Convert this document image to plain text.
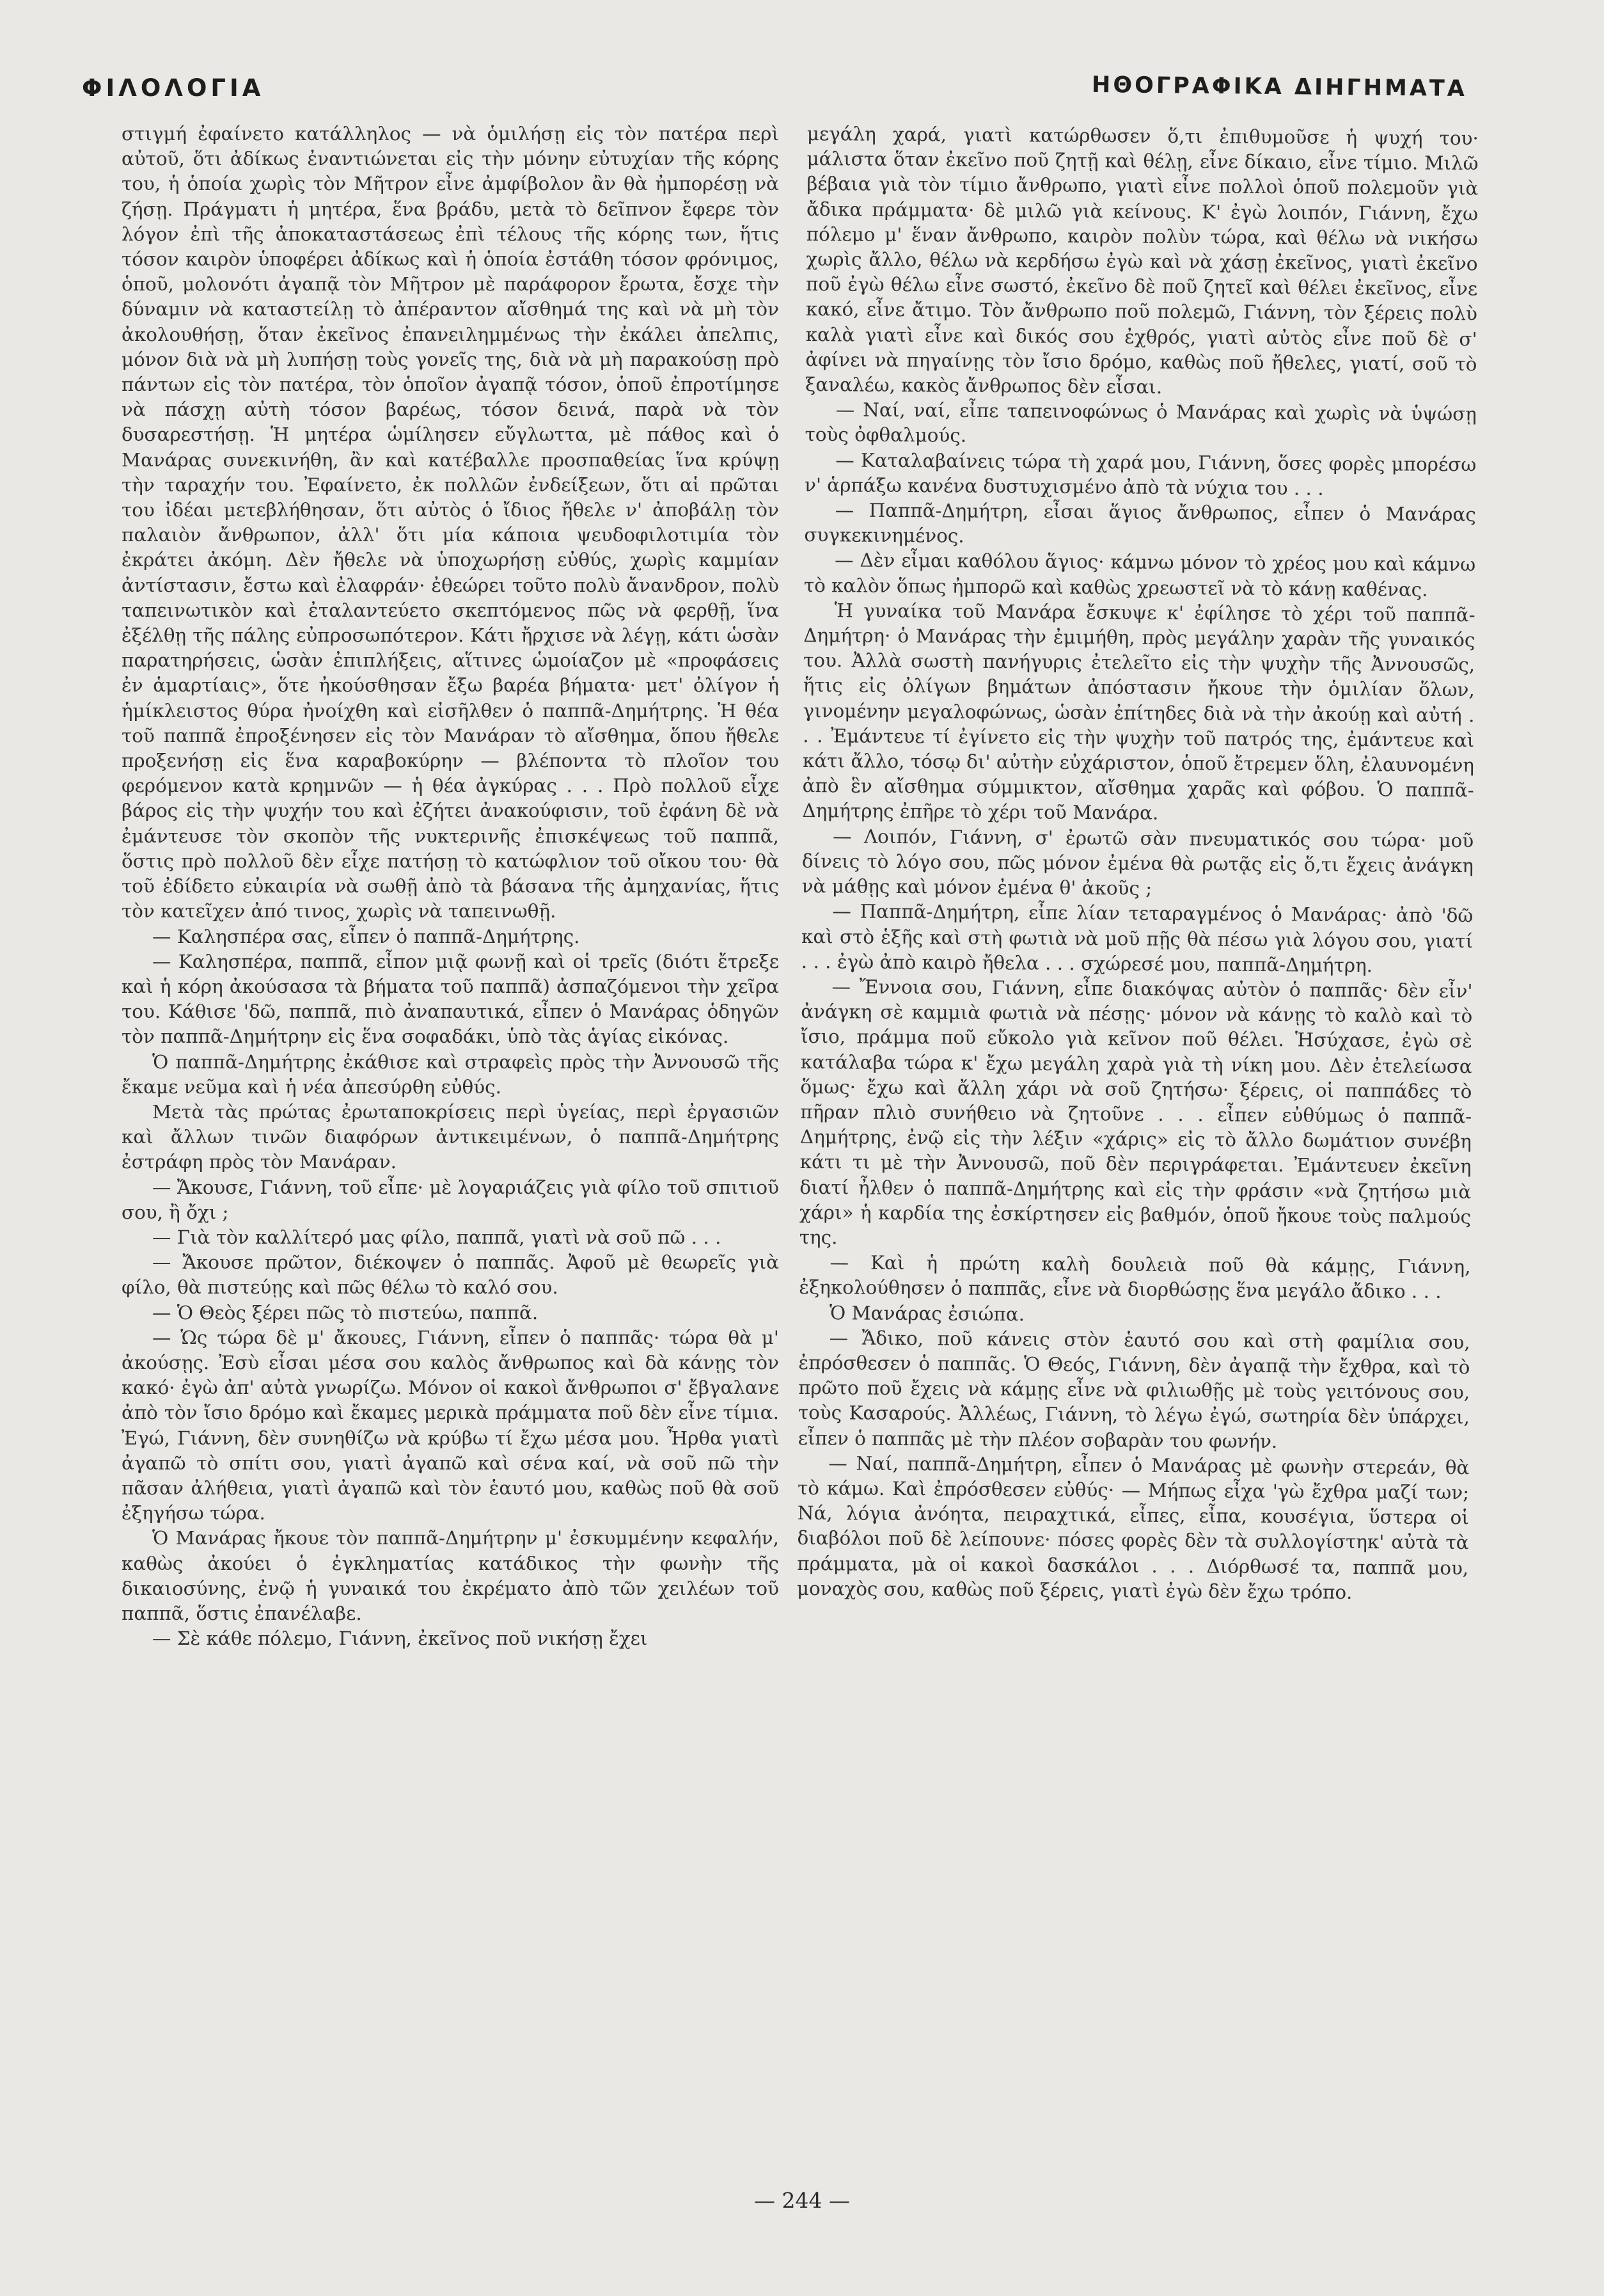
ΦΙΛΟΛΟΓΙΑ	ΗΘΟΓΡΑΦΙΚΑ ΔΙΗΓΗΜΑΤΑ

στιγμή ἐφαίνετο κατάλληλος — νὰ ὁμιλήσῃ εἰς τὸν πατέρα περὶ αὐτοῦ, ὅτι ἀδίκως ἐναντιώνεται εἰς τὴν μόνην εὐτυχίαν τῆς κόρης του, ἡ ὁποία χωρὶς τὸν Μῆτρον εἶνε ἀμφίβολον ἂν θὰ ἠμπορέσῃ νὰ ζήσῃ. Πράγματι ἡ μητέρα, ἕνα βράδυ, μετὰ τὸ δεῖπνον ἔφερε τὸν λόγον ἐπὶ τῆς ἀποκαταστάσεως ἐπὶ τέλους τῆς κόρης των, ἥτις τόσον καιρὸν ὑποφέρει ἀδίκως καὶ ἡ ὁποία ἐστάθη τόσον φρόνιμος, ὁποῦ, μολονότι ἀγαπᾷ τὸν Μῆτρον μὲ παράφορον ἔρωτα, ἔσχε τὴν δύναμιν νὰ καταστείλῃ τὸ ἀπέραντον αἴσθημά της καὶ νὰ μὴ τὸν ἀκολουθήσῃ, ὅταν ἐκεῖνος ἐπανειλημμένως τὴν ἐκάλει ἀπελπις, μόνον διὰ νὰ μὴ λυπήσῃ τοὺς γονεῖς της, διὰ νὰ μὴ παρακούσῃ πρὸ πάντων εἰς τὸν πατέρα, τὸν ὁποῖον ἀγαπᾷ τόσον, ὁποῦ ἐπροτίμησε νὰ πάσχῃ αὐτὴ τόσον βαρέως, τόσον δεινά, παρὰ νὰ τὸν δυσαρεστήσῃ. Ἡ μητέρα ὡμίλησεν εὔγλωττα, μὲ πάθος καὶ ὁ Μανάρας συνεκινήθη, ἂν καὶ κατέβαλλε προσπαθείας ἵνα κρύψῃ τὴν ταραχήν του. Ἐφαίνετο, ἐκ πολλῶν ἐνδείξεων, ὅτι αἱ πρῶται του ἰδέαι μετεβλήθησαν, ὅτι αὐτὸς ὁ ἴδιος ἤθελε ν' ἀποβάλῃ τὸν παλαιὸν ἄνθρωπον, ἀλλ' ὅτι μία κάποια ψευδοφιλοτιμία τὸν ἐκράτει ἀκόμη. Δὲν ἤθελε νὰ ὑποχωρήσῃ εὐθύς, χωρὶς καμμίαν ἀντίστασιν, ἔστω καὶ ἐλαφράν· ἐθεώρει τοῦτο πολὺ ἄνανδρον, πολὺ ταπεινωτικὸν καὶ ἐταλαντεύετο σκεπτόμενος πῶς νὰ φερθῇ, ἵνα ἐξέλθῃ τῆς πάλης εὐπροσωπότερον. Κάτι ἤρχισε νὰ λέγῃ, κάτι ὡσὰν παρατηρήσεις, ὡσὰν ἐπιπλήξεις, αἵτινες ὡμοίαζον μὲ «προφάσεις ἐν ἁμαρτίαις», ὅτε ἠκούσθησαν ἔξω βαρέα βήματα· μετ' ὀλίγον ἡ ἡμίκλειστος θύρα ἠνοίχθη καὶ εἰσῆλθεν ὁ παππᾶ-Δημήτρης. Ἡ θέα τοῦ παππᾶ ἐπροξένησεν εἰς τὸν Μανάραν τὸ αἴσθημα, ὅπου ἤθελε προξενήσῃ εἰς ἕνα καραβοκύρην — βλέποντα τὸ πλοῖον του φερόμενον κατὰ κρημνῶν — ἡ θέα ἀγκύρας . . . Πρὸ πολλοῦ εἶχε βάρος εἰς τὴν ψυχήν του καὶ ἐζήτει ἀνακούφισιν, τοῦ ἐφάνη δὲ νὰ ἐμάντευσε τὸν σκοπὸν τῆς νυκτερινῆς ἐπισκέψεως τοῦ παππᾶ, ὅστις πρὸ πολλοῦ δὲν εἶχε πατήσῃ τὸ κατώφλιον τοῦ οἴκου του· θὰ τοῦ ἐδίδετο εὐκαιρία νὰ σωθῇ ἀπὸ τὰ βάσανα τῆς ἀμηχανίας, ἥτις τὸν κατεῖχεν ἀπό τινος, χωρὶς νὰ ταπεινωθῇ.

— Καλησπέρα σας, εἶπεν ὁ παππᾶ-Δημήτρης.

— Καλησπέρα, παππᾶ, εἶπον μιᾷ φωνῇ καὶ οἱ τρεῖς (διότι ἔτρεξε καὶ ἡ κόρη ἀκούσασα τὰ βήματα τοῦ παππᾶ) ἀσπαζόμενοι τὴν χεῖρα του. Κάθισε 'δῶ, παππᾶ, πιὸ ἀναπαυτικά, εἶπεν ὁ Μανάρας ὁδηγῶν τὸν παππᾶ-Δημήτρην εἰς ἕνα σοφαδάκι, ὑπὸ τὰς ἁγίας εἰκόνας.

Ὁ παππᾶ-Δημήτρης ἐκάθισε καὶ στραφεὶς πρὸς τὴν Ἀννουσῶ τῆς ἔκαμε νεῦμα καὶ ἡ νέα ἀπεσύρθη εὐθύς.

Μετὰ τὰς πρώτας ἐρωταποκρίσεις περὶ ὑγείας, περὶ ἐργασιῶν καὶ ἄλλων τινῶν διαφόρων ἀντικειμένων, ὁ παππᾶ-Δημήτρης ἐστράφη πρὸς τὸν Μανάραν.

— Ἄκουσε, Γιάννη, τοῦ εἶπε· μὲ λογαριάζεις γιὰ φίλο τοῦ σπιτιοῦ σου, ἢ ὄχι ;

— Γιὰ τὸν καλλίτερό μας φίλο, παππᾶ, γιατὶ νὰ σοῦ πῶ . . .

— Ἄκουσε πρῶτον, διέκοψεν ὁ παππᾶς. Ἀφοῦ μὲ θεωρεῖς γιὰ φίλο, θὰ πιστεύῃς καὶ πῶς θέλω τὸ καλό σου.

— Ὁ Θεὸς ξέρει πῶς τὸ πιστεύω, παππᾶ.

— Ὡς τώρα δὲ μ' ἄκουες, Γιάννη, εἶπεν ὁ παππᾶς· τώρα θὰ μ' ἀκούσῃς. Ἐσὺ εἶσαι μέσα σου καλὸς ἄνθρωπος καὶ δὰ κάνῃς τὸν κακό· ἐγὼ ἀπ' αὐτὰ γνωρίζω. Μόνον οἱ κακοὶ ἄνθρωποι σ' ἔβγαλανε ἀπὸ τὸν ἴσιο δρόμο καὶ ἔκαμες μερικὰ πράμματα ποῦ δὲν εἶνε τίμια. Ἐγώ, Γιάννη, δὲν συνηθίζω νὰ κρύβω τί ἔχω μέσα μου. Ἦρθα γιατὶ ἀγαπῶ τὸ σπίτι σου, γιατὶ ἀγαπῶ καὶ σένα καί, νὰ σοῦ πῶ τὴν πᾶσαν ἀλήθεια, γιατὶ ἀγαπῶ καὶ τὸν ἑαυτό μου, καθὼς ποῦ θὰ σοῦ ἐξηγήσω τώρα.

Ὁ Μανάρας ἤκουε τὸν παππᾶ-Δημήτρην μ' ἐσκυμμένην κεφαλήν, καθὼς ἀκούει ὁ ἐγκληματίας κατάδικος τὴν φωνὴν τῆς δικαιοσύνης, ἐνῷ ἡ γυναικά του ἐκρέματο ἀπὸ τῶν χειλέων τοῦ παππᾶ, ὅστις ἐπανέλαβε.

— Σὲ κάθε πόλεμο, Γιάννη, ἐκεῖνος ποῦ νικήσῃ ἔχει

μεγάλη χαρά, γιατὶ κατώρθωσεν ὅ,τι ἐπιθυμοῦσε ἡ ψυχή του· μάλιστα ὅταν ἐκεῖνο ποῦ ζητῇ καὶ θέλῃ, εἶνε δίκαιο, εἶνε τίμιο. Μιλῶ βέβαια γιὰ τὸν τίμιο ἄνθρωπο, γιατὶ εἶνε πολλοὶ ὁποῦ πολεμοῦν γιὰ ἄδικα πράμματα· δὲ μιλῶ γιὰ κείνους. Κ' ἐγὼ λοιπόν, Γιάννη, ἔχω πόλεμο μ' ἕναν ἄνθρωπο, καιρὸν πολὺν τώρα, καὶ θέλω νὰ νικήσω χωρὶς ἄλλο, θέλω νὰ κερδήσω ἐγὼ καὶ νὰ χάσῃ ἐκεῖνος, γιατὶ ἐκεῖνο ποῦ ἐγὼ θέλω εἶνε σωστό, ἐκεῖνο δὲ ποῦ ζητεῖ καὶ θέλει ἐκεῖνος, εἶνε κακό, εἶνε ἄτιμο. Τὸν ἄνθρωπο ποῦ πολεμῶ, Γιάννη, τὸν ξέρεις πολὺ καλὰ γιατὶ εἶνε καὶ δικός σου ἐχθρός, γιατὶ αὐτὸς εἶνε ποῦ δὲ σ' ἀφίνει νὰ πηγαίνῃς τὸν ἴσιο δρόμο, καθὼς ποῦ ἤθελες, γιατί, σοῦ τὸ ξαναλέω, κακὸς ἄνθρωπος δὲν εἶσαι.

— Ναί, ναί, εἶπε ταπεινοφώνως ὁ Μανάρας καὶ χωρὶς νὰ ὑψώσῃ τοὺς ὀφθαλμούς.

— Καταλαβαίνεις τώρα τὴ χαρά μου, Γιάννη, ὅσες φορὲς μπορέσω ν' ἁρπάξω κανένα δυστυχισμένο ἀπὸ τὰ νύχια του . . .

— Παππᾶ-Δημήτρη, εἶσαι ἅγιος ἄνθρωπος, εἶπεν ὁ Μανάρας συγκεκινημένος.

— Δὲν εἶμαι καθόλου ἅγιος· κάμνω μόνον τὸ χρέος μου καὶ κάμνω τὸ καλὸν ὅπως ἠμπορῶ καὶ καθὼς χρεωστεῖ νὰ τὸ κάνῃ καθένας.

Ἡ γυναίκα τοῦ Μανάρα ἔσκυψε κ' ἐφίλησε τὸ χέρι τοῦ παππᾶ-Δημήτρη· ὁ Μανάρας τὴν ἐμιμήθη, πρὸς μεγάλην χαρὰν τῆς γυναικός του. Ἀλλὰ σωστὴ πανήγυρις ἐτελεῖτο εἰς τὴν ψυχὴν τῆς Ἀννουσῶς, ἥτις εἰς ὀλίγων βημάτων ἀπόστασιν ἤκουε τὴν ὁμιλίαν ὅλων, γινομένην μεγαλοφώνως, ὡσὰν ἐπίτηδες διὰ νὰ τὴν ἀκούῃ καὶ αὐτή . . . Ἐμάντευε τί ἐγίνετο εἰς τὴν ψυχὴν τοῦ πατρός της, ἐμάντευε καὶ κάτι ἄλλο, τόσῳ δι' αὐτὴν εὐχάριστον, ὁποῦ ἔτρεμεν ὅλη, ἐλαυνομένη ἀπὸ ἓν αἴσθημα σύμμικτον, αἴσθημα χαρᾶς καὶ φόβου. Ὁ παππᾶ-Δημήτρης ἐπῆρε τὸ χέρι τοῦ Μανάρα.

— Λοιπόν, Γιάννη, σ' ἐρωτῶ σὰν πνευματικός σου τώρα· μοῦ δίνεις τὸ λόγο σου, πῶς μόνον ἐμένα θὰ ρωτᾷς εἰς ὅ,τι ἔχεις ἀνάγκη νὰ μάθῃς καὶ μόνον ἐμένα θ' ἀκοῦς ;

— Παππᾶ-Δημήτρη, εἶπε λίαν τεταραγμένος ὁ Μανάρας· ἀπὸ 'δῶ καὶ στὸ ἑξῆς καὶ στὴ φωτιὰ νὰ μοῦ πῇς θὰ πέσω γιὰ λόγου σου, γιατί . . . ἐγὼ ἀπὸ καιρὸ ἤθελα . . . σχώρεσέ μου, παππᾶ-Δημήτρη.

— Ἔννοια σου, Γιάννη, εἶπε διακόψας αὐτὸν ὁ παππᾶς· δὲν εἶν' ἀνάγκη σὲ καμμιὰ φωτιὰ νὰ πέσῃς· μόνον νὰ κάνῃς τὸ καλὸ καὶ τὸ ἴσιο, πράμμα ποῦ εὔκολο γιὰ κεῖνον ποῦ θέλει. Ἡσύχασε, ἐγὼ σὲ κατάλαβα τώρα κ' ἔχω μεγάλη χαρὰ γιὰ τὴ νίκη μου. Δὲν ἐτελείωσα ὅμως· ἔχω καὶ ἄλλη χάρι νὰ σοῦ ζητήσω· ξέρεις, οἱ παππάδες τὸ πῆραν πλιὸ συνήθειο νὰ ζητοῦνε . . . εἶπεν εὐθύμως ὁ παππᾶ-Δημήτρης, ἐνῷ εἰς τὴν λέξιν «χάρις» εἰς τὸ ἄλλο δωμάτιον συνέβη κάτι τι μὲ τὴν Ἀννουσῶ, ποῦ δὲν περιγράφεται. Ἐμάντευεν ἐκεῖνη διατί ἦλθεν ὁ παππᾶ-Δημήτρης καὶ εἰς τὴν φράσιν «νὰ ζητήσω μιὰ χάρι» ἡ καρδία της ἐσκίρτησεν εἰς βαθμόν, ὁποῦ ἤκουε τοὺς παλμούς της.

— Καὶ ἡ πρώτη καλὴ δουλειὰ ποῦ θὰ κάμῃς, Γιάννη, ἐξηκολούθησεν ὁ παππᾶς, εἶνε νὰ διορθώσῃς ἕνα μεγάλο ἄδικο . . .

Ὁ Μανάρας ἐσιώπα.

— Ἄδικο, ποῦ κάνεις στὸν ἑαυτό σου καὶ στὴ φαμίλια σου, ἐπρόσθεσεν ὁ παππᾶς. Ὁ Θεός, Γιάννη, δὲν ἀγαπᾷ τὴν ἔχθρα, καὶ τὸ πρῶτο ποῦ ἔχεις νὰ κάμῃς εἶνε νὰ φιλιωθῇς μὲ τοὺς γειτόνους σου, τοὺς Κασαρούς. Ἀλλέως, Γιάννη, τὸ λέγω ἐγώ, σωτηρία δὲν ὑπάρχει, εἶπεν ὁ παππᾶς μὲ τὴν πλέον σοβαρὰν του φωνήν.

— Ναί, παππᾶ-Δημήτρη, εἶπεν ὁ Μανάρας μὲ φωνὴν στερεάν, θὰ τὸ κάμω. Καὶ ἐπρόσθεσεν εὐθύς· — Μήπως εἶχα 'γὼ ἔχθρα μαζί των; Νά, λόγια ἀνόητα, πειραχτικά, εἶπες, εἶπα, κουσέγια, ὕστερα οἱ διαβόλοι ποῦ δὲ λείπουνε· πόσες φορὲς δὲν τὰ συλλογίστηκ' αὐτὰ τὰ πράμματα, μὰ οἱ κακοὶ δασκάλοι . . . Διόρθωσέ τα, παππᾶ μου, μοναχὸς σου, καθὼς ποῦ ξέρεις, γιατὶ ἐγὼ δὲν ἔχω τρόπο.

— 244 —
